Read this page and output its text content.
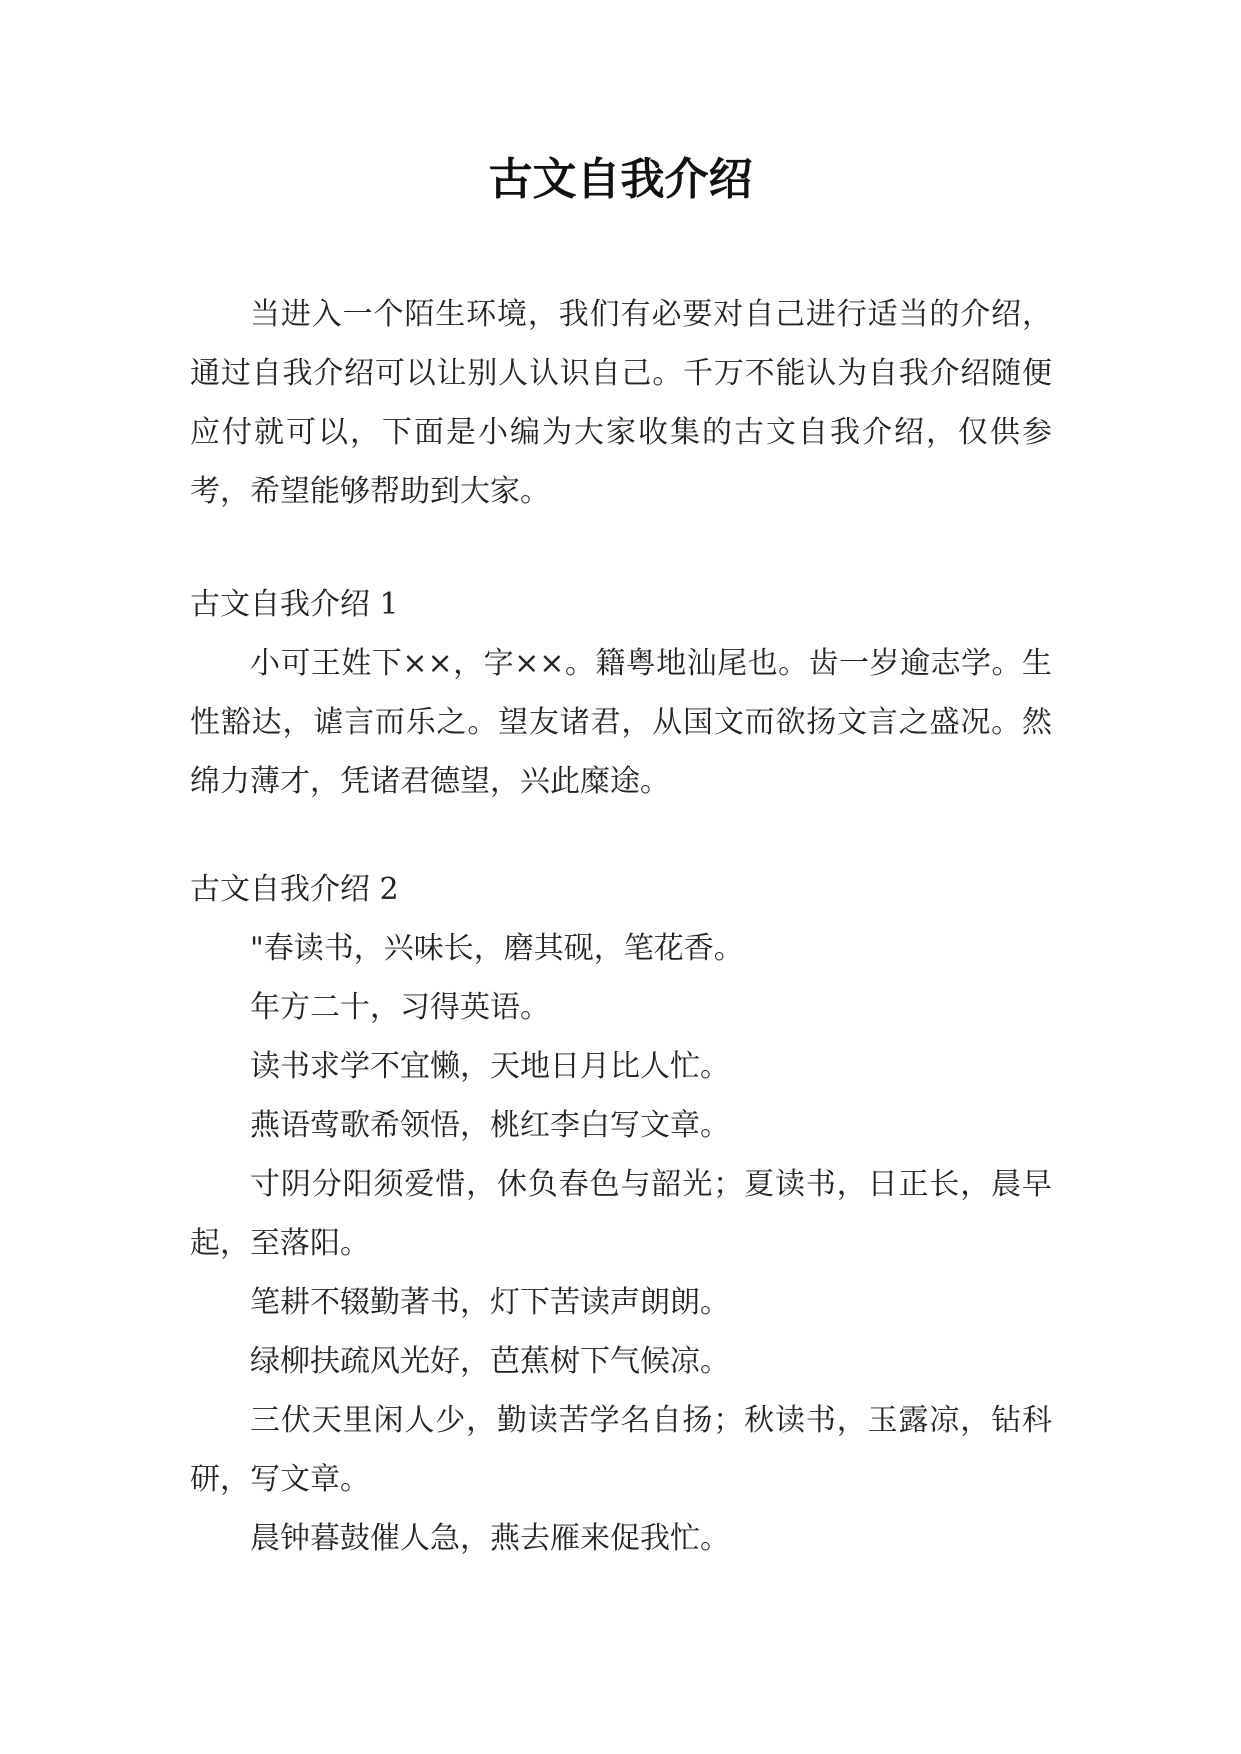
古文自我介绍

当进入一个陌生环境，我们有必要对自己进行适当的介绍，通过自我介绍可以让别人认识自己。千万不能认为自我介绍随便应付就可以，下面是小编为大家收集的古文自我介绍，仅供参考，希望能够帮助到大家。

古文自我介绍 1

小可王姓下××，字××。籍粤地汕尾也。齿一岁逾志学。生性豁达，谑言而乐之。望友诸君，从国文而欲扬文言之盛况。然绵力薄才，凭诸君德望，兴此糜途。

古文自我介绍 2

"春读书，兴味长，磨其砚，笔花香。

年方二十，习得英语。

读书求学不宜懒，天地日月比人忙。

燕语莺歌希领悟，桃红李白写文章。

寸阴分阳须爱惜，休负春色与韶光；夏读书，日正长，晨早起，至落阳。

笔耕不辍勤著书，灯下苦读声朗朗。

绿柳扶疏风光好，芭蕉树下气候凉。

三伏天里闲人少，勤读苦学名自扬；秋读书，玉露凉，钻科研，写文章。

晨钟暮鼓催人急，燕去雁来促我忙。
